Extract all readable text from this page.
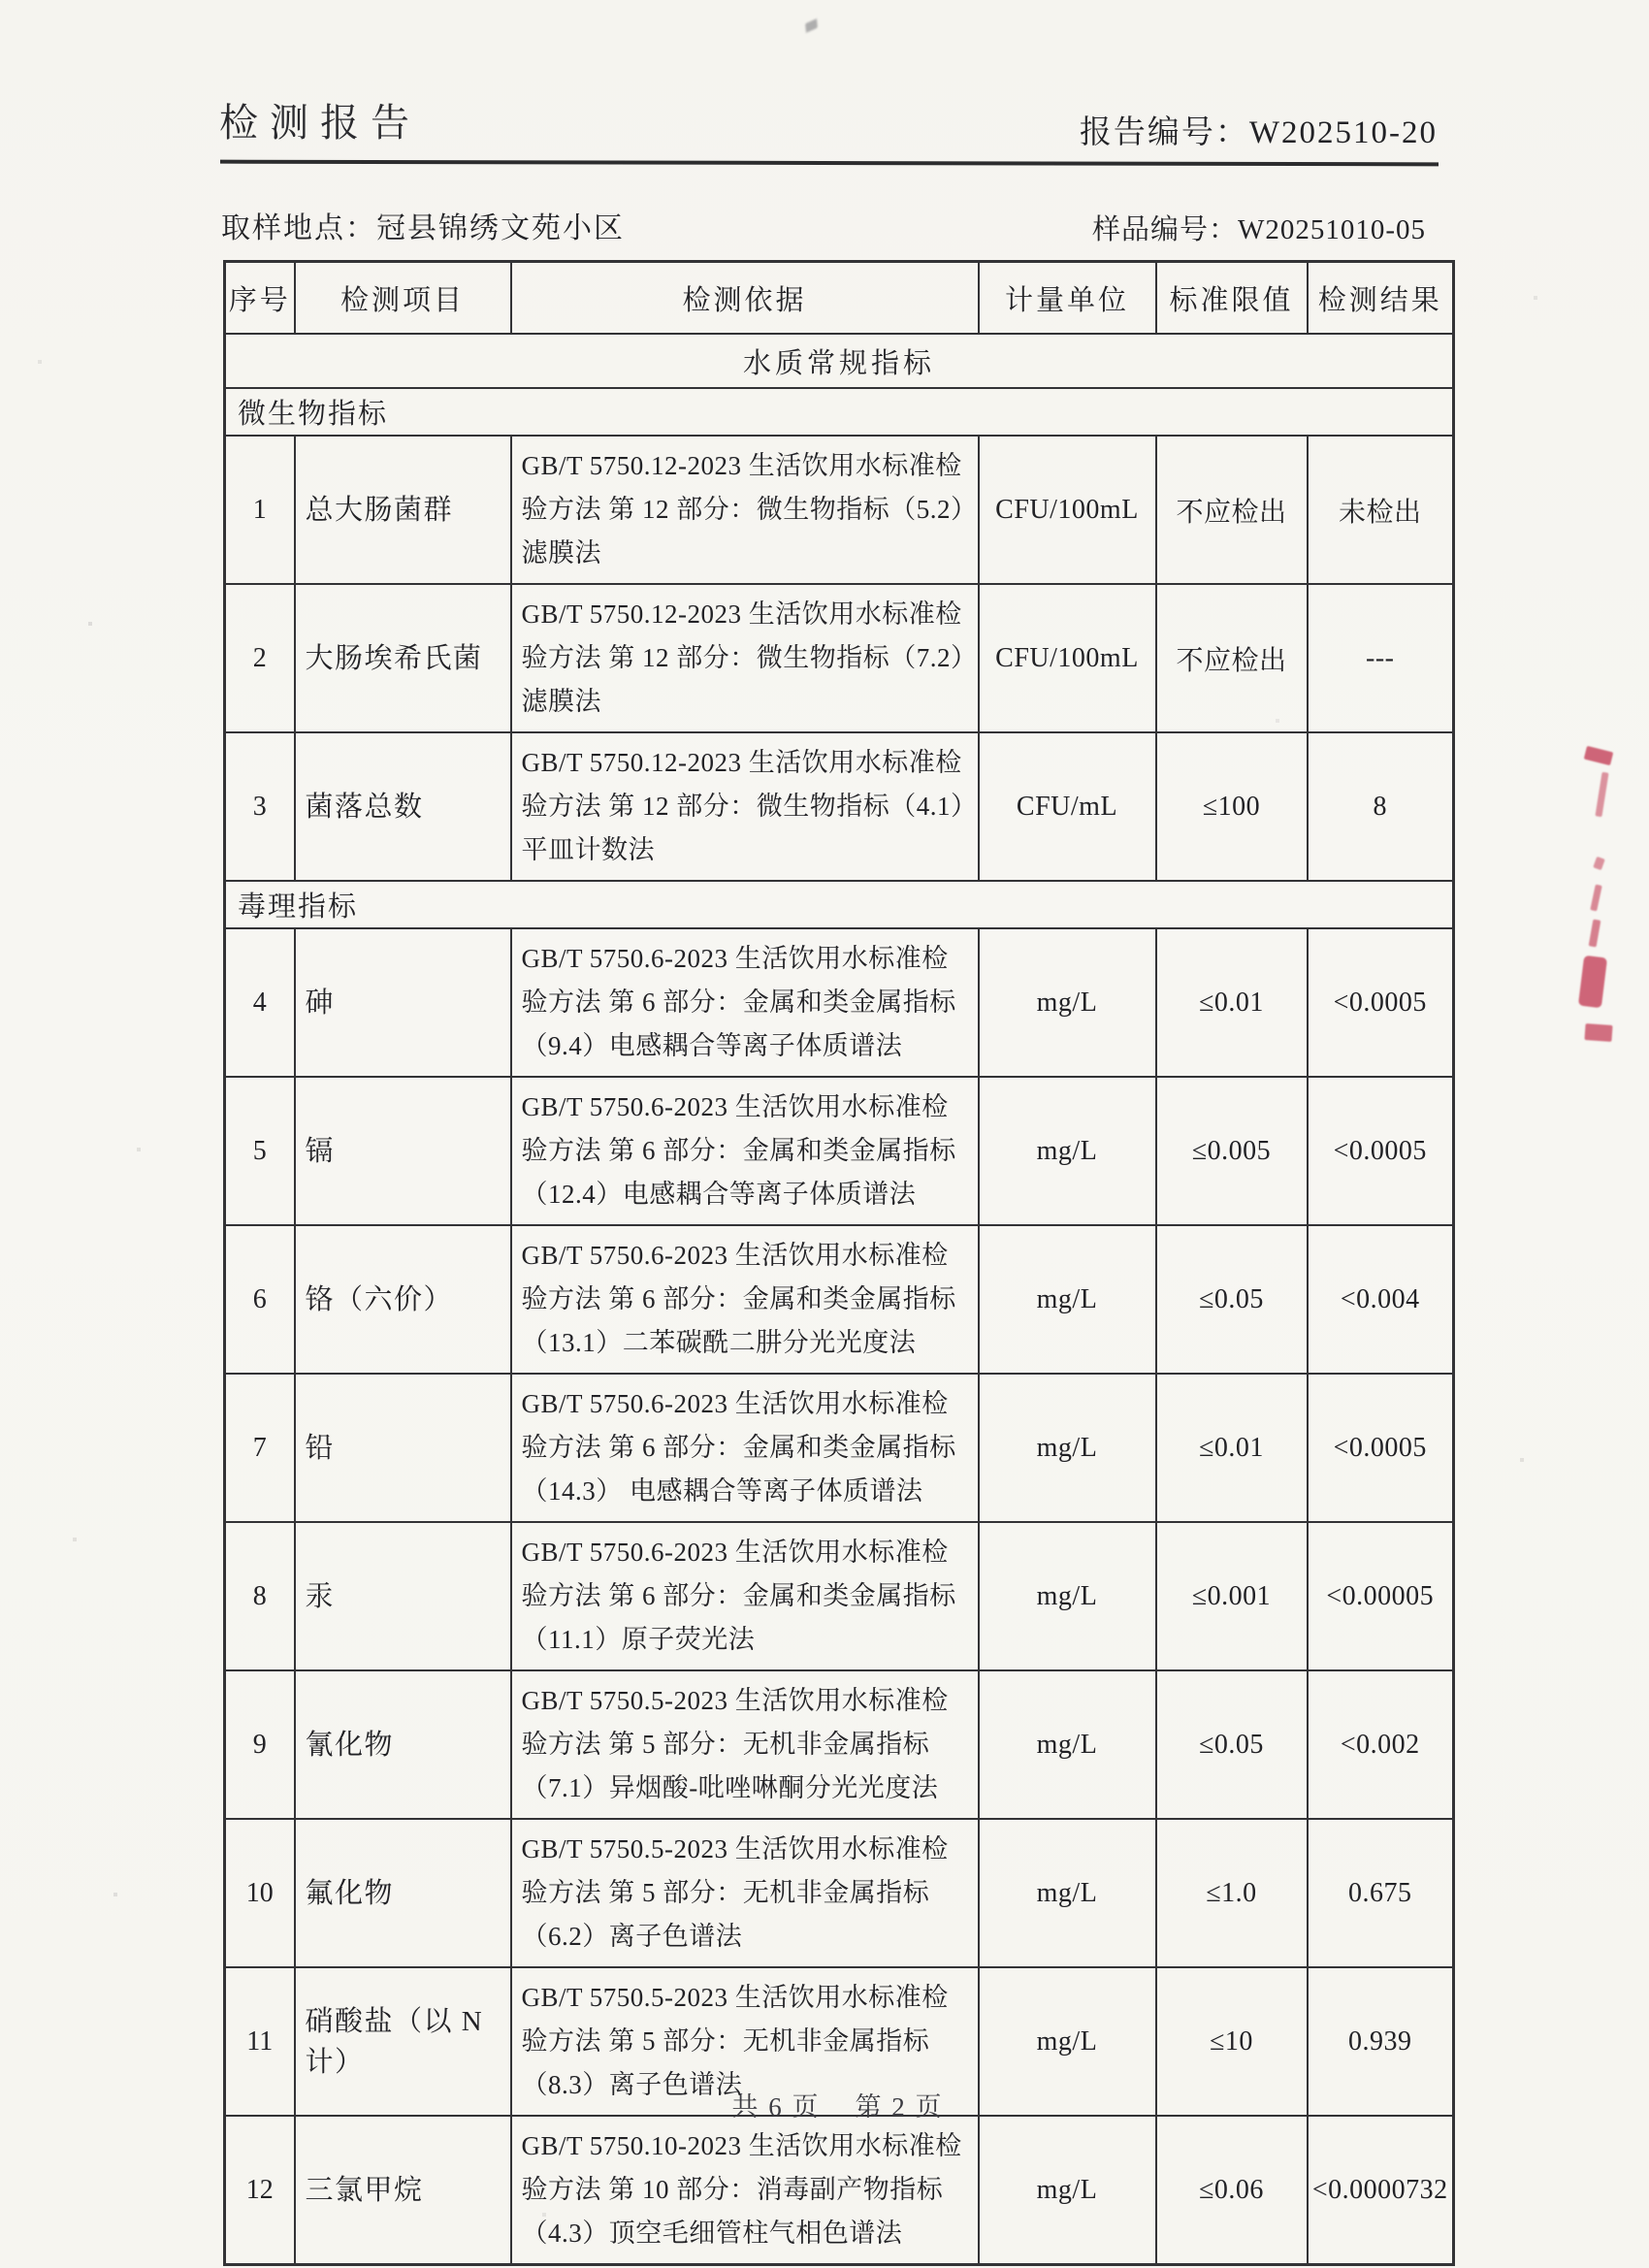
检测报告	报告编号：W202510-20
取样地点：冠县锦绣文苑小区	样品编号：W20251010-05
序号	检测项目	检测依据	计量单位	标准限值	检测结果
水质常规指标					
微生物指标					
1	总大肠菌群	GB/T 5750.12-2023 生活饮用水标准检验方法 第 12 部分：微生物指标（5.2）滤膜法	CFU/100mL	不应检出	未检出
2	大肠埃希氏菌	GB/T 5750.12-2023 生活饮用水标准检验方法 第 12 部分：微生物指标（7.2）滤膜法	CFU/100mL	不应检出	---
3	菌落总数	GB/T 5750.12-2023 生活饮用水标准检验方法 第 12 部分：微生物指标（4.1）平皿计数法	CFU/mL	≤100	8
毒理指标					
4	砷	GB/T 5750.6-2023 生活饮用水标准检验方法 第 6 部分：金属和类金属指标（9.4）电感耦合等离子体质谱法	mg/L	≤0.01	<0.0005
5	镉	GB/T 5750.6-2023 生活饮用水标准检验方法 第 6 部分：金属和类金属指标（12.4）电感耦合等离子体质谱法	mg/L	≤0.005	<0.0005
6	铬（六价）	GB/T 5750.6-2023 生活饮用水标准检验方法 第 6 部分：金属和类金属指标（13.1）二苯碳酰二肼分光光度法	mg/L	≤0.05	<0.004
7	铅	GB/T 5750.6-2023 生活饮用水标准检验方法 第 6 部分：金属和类金属指标（14.3） 电感耦合等离子体质谱法	mg/L	≤0.01	<0.0005
8	汞	GB/T 5750.6-2023 生活饮用水标准检验方法 第 6 部分：金属和类金属指标（11.1）原子荧光法	mg/L	≤0.001	<0.00005
9	氰化物	GB/T 5750.5-2023 生活饮用水标准检验方法 第 5 部分：无机非金属指标（7.1）异烟酸-吡唑啉酮分光光度法	mg/L	≤0.05	<0.002
10	氟化物	GB/T 5750.5-2023 生活饮用水标准检验方法 第 5 部分：无机非金属指标（6.2）离子色谱法	mg/L	≤1.0	0.675
11	硝酸盐（以 N 计）	GB/T 5750.5-2023 生活饮用水标准检验方法 第 5 部分：无机非金属指标（8.3）离子色谱法	mg/L	≤10	0.939
12	三氯甲烷	GB/T 5750.10-2023 生活饮用水标准检验方法 第 10 部分：消毒副产物指标（4.3）顶空毛细管柱气相色谱法	mg/L	≤0.06	<0.0000732
共 6 页 第 2 页
